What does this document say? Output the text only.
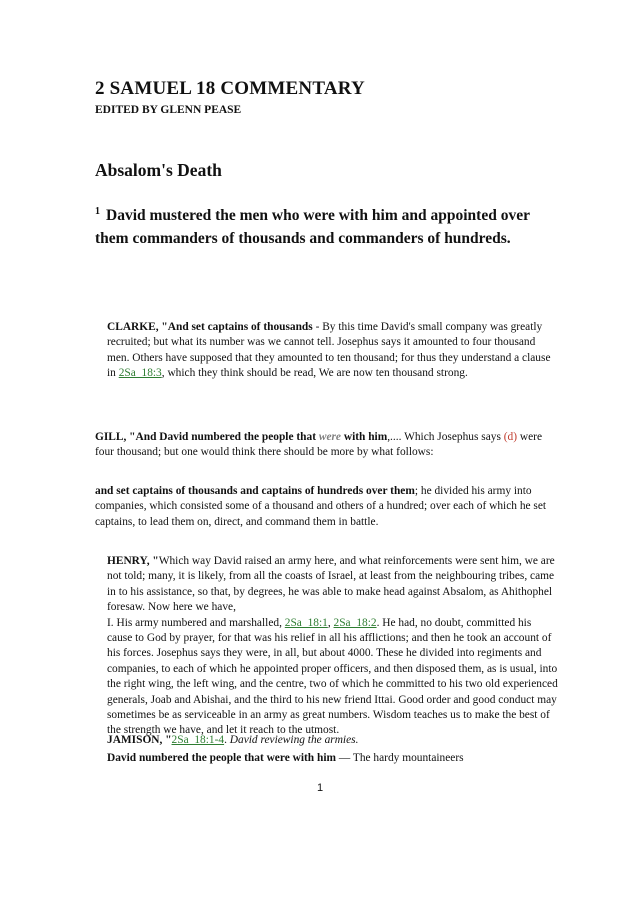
2 SAMUEL 18 COMMENTARY

EDITED BY GLENN PEASE

Absalom's Death

$^1$ David mustered the men who were with him and appointed over them commanders of thousands and commanders of hundreds.

CLARKE, "And set captains of thousands - By this time David's small company was greatly recruited; but what its number was we cannot tell. Josephus says it amounted to four thousand men. Others have supposed that they amounted to ten thousand; for thus they understand a clause in 2Sa_18:3, which they think should be read, We are now ten thousand strong.

GILL, "And David numbered the people that were with him,.... Which Josephus says (d) were four thousand; but one would think there should be more by what follows:

and set captains of thousands and captains of hundreds over them; he divided his army into companies, which consisted some of a thousand and others of a hundred; over each of which he set captains, to lead them on, direct, and command them in battle.

HENRY, "Which way David raised an army here, and what reinforcements were sent him, we are not told; many, it is likely, from all the coasts of Israel, at least from the neighbouring tribes, came in to his assistance, so that, by degrees, he was able to make head against Absalom, as Ahithophel foresaw. Now here we have,
I. His army numbered and marshalled, 2Sa_18:1, 2Sa_18:2. He had, no doubt, committed his cause to God by prayer, for that was his relief in all his afflictions; and then he took an account of his forces. Josephus says they were, in all, but about 4000. These he divided into regiments and companies, to each of which he appointed proper officers, and then disposed them, as is usual, into the right wing, the left wing, and the centre, two of which he committed to his two old experienced generals, Joab and Abishai, and the third to his new friend Ittai. Good order and good conduct may sometimes be as serviceable in an army as great numbers. Wisdom teaches us to make the best of the strength we have, and let it reach to the utmost.

JAMISON, "2Sa_18:1-4. David reviewing the armies.

David numbered the people that were with him — The hardy mountaineers

1
